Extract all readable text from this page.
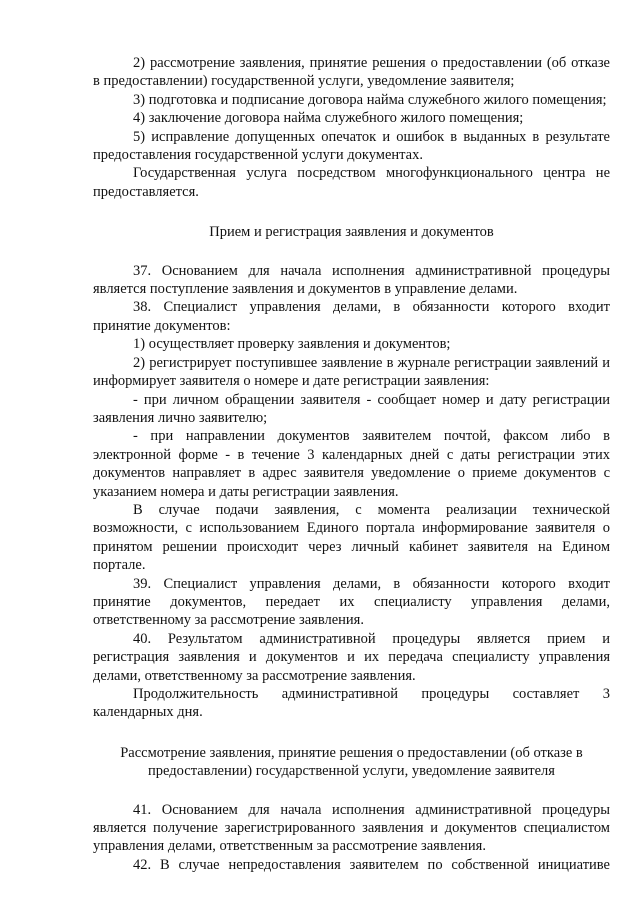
2) рассмотрение заявления, принятие решения о предоставлении (об отказе в предоставлении) государственной услуги, уведомление заявителя;

3) подготовка и подписание договора найма служебного жилого помещения;

4) заключение договора найма служебного жилого помещения;

5) исправление допущенных опечаток и ошибок в выданных в результате предоставления государственной услуги документах.

Государственная услуга посредством многофункционального центра не предоставляется.

Прием и регистрация заявления и документов

37. Основанием для начала исполнения административной процедуры является поступление заявления и документов в управление делами.

38. Специалист управления делами, в обязанности которого входит принятие документов:

1) осуществляет проверку заявления и документов;

2) регистрирует поступившее заявление в журнале регистрации заявлений и информирует заявителя о номере и дате регистрации заявления:

- при личном обращении заявителя - сообщает номер и дату регистрации заявления лично заявителю;

- при направлении документов заявителем почтой, факсом либо в электронной форме - в течение 3 календарных дней с даты регистрации этих документов направляет в адрес заявителя уведомление о приеме документов с указанием номера и даты регистрации заявления.

В случае подачи заявления, с момента реализации технической возможности, с использованием Единого портала информирование заявителя о принятом решении происходит через личный кабинет заявителя на Едином портале.

39. Специалист управления делами, в обязанности которого входит принятие документов, передает их специалисту управления делами, ответственному за рассмотрение заявления.

40. Результатом административной процедуры является прием и регистрация заявления и документов и их передача специалисту управления делами, ответственному за рассмотрение заявления.

Продолжительность административной процедуры составляет 3 календарных дня.

Рассмотрение заявления, принятие решения о предоставлении (об отказе в

предоставлении) государственной услуги, уведомление заявителя

41. Основанием для начала исполнения административной процедуры является получение зарегистрированного заявления и документов специалистом управления делами, ответственным за рассмотрение заявления.

42. В случае непредоставления заявителем по собственной инициативе
